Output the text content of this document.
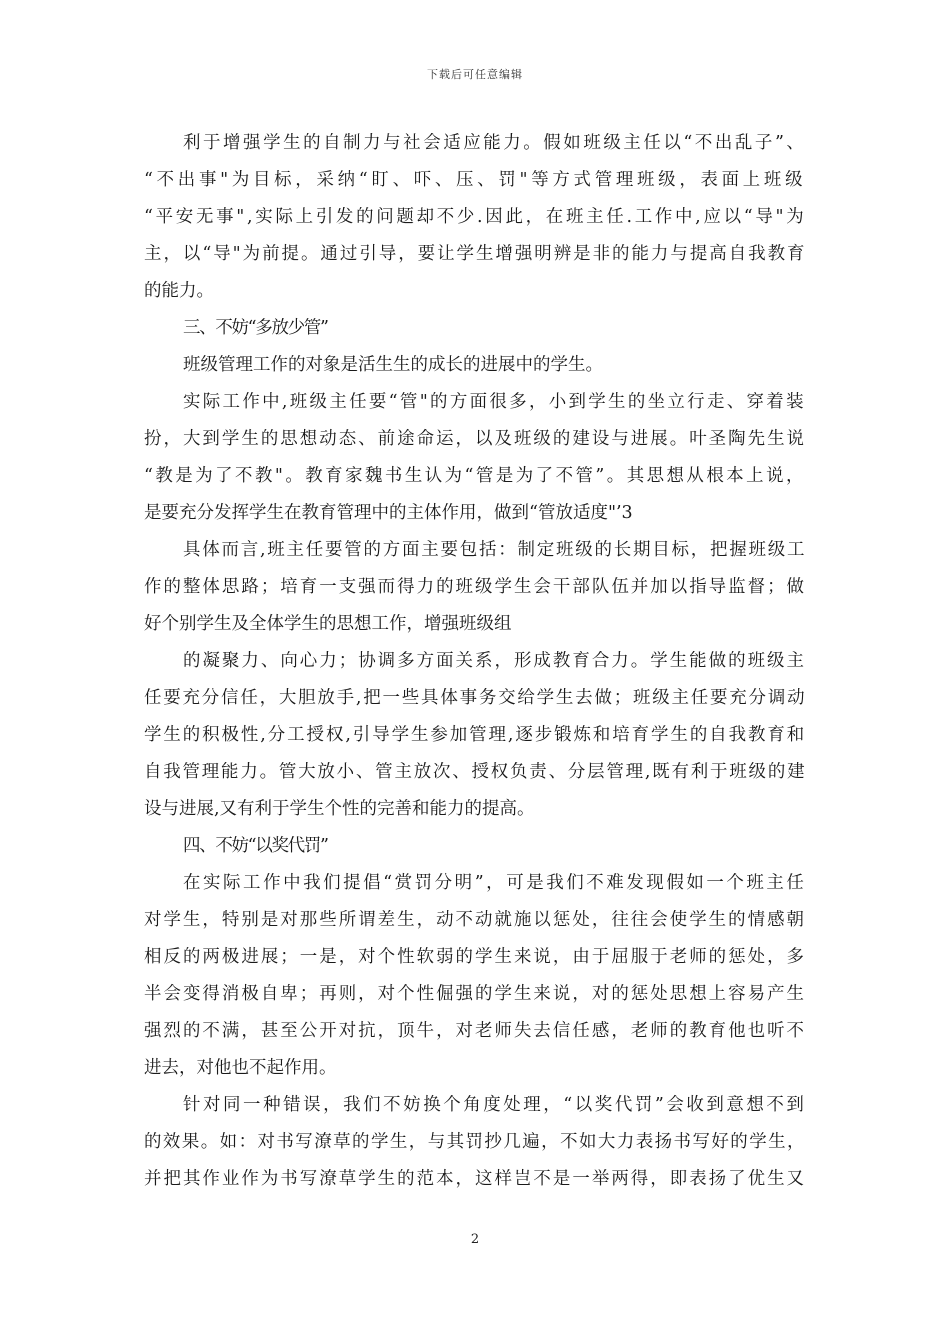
下载后可任意编辑
利于增强学生的自制力与社会适应能力。假如班级主任以“不出乱子”、
“不出事"为目标，采纳“盯、吓、压、罚"等方式管理班级，表面上班级
“平安无事",实际上引发的问题却不少.因此，在班主任.工作中,应以“导"为
主，以“导"为前提。通过引导，要让学生增强明辨是非的能力与提高自我教育
的能力。
三、不妨“多放少管”
班级管理工作的对象是活生生的成长的进展中的学生。
实际工作中,班级主任要“管"的方面很多，小到学生的坐立行走、穿着装
扮，大到学生的思想动态、前途命运，以及班级的建设与进展。叶圣陶先生说
“教是为了不教"。教育家魏书生认为“管是为了不管”。其思想从根本上说，
是要充分发挥学生在教育管理中的主体作用，做到“管放适度"’3
具体而言,班主任要管的方面主要包括：制定班级的长期目标，把握班级工
作的整体思路；培育一支强而得力的班级学生会干部队伍并加以指导监督；做
好个别学生及全体学生的思想工作，增强班级组
的凝聚力、向心力；协调多方面关系，形成教育合力。学生能做的班级主
任要充分信任，大胆放手,把一些具体事务交给学生去做；班级主任要充分调动
学生的积极性,分工授权,引导学生参加管理,逐步锻炼和培育学生的自我教育和
自我管理能力。管大放小、管主放次、授权负责、分层管理,既有利于班级的建
设与进展,又有利于学生个性的完善和能力的提高。
四、不妨“以奖代罚”
在实际工作中我们提倡“赏罚分明”，可是我们不难发现假如一个班主任
对学生，特别是对那些所谓差生，动不动就施以惩处，往往会使学生的情感朝
相反的两极进展；一是，对个性软弱的学生来说，由于屈服于老师的惩处，多
半会变得消极自卑；再则，对个性倔强的学生来说，对的惩处思想上容易产生
强烈的不满，甚至公开对抗，顶牛，对老师失去信任感，老师的教育他也听不
进去，对他也不起作用。
针对同一种错误，我们不妨换个角度处理，“以奖代罚”会收到意想不到
的效果。如：对书写潦草的学生，与其罚抄几遍，不如大力表扬书写好的学生，
并把其作业作为书写潦草学生的范本，这样岂不是一举两得，即表扬了优生又
2
